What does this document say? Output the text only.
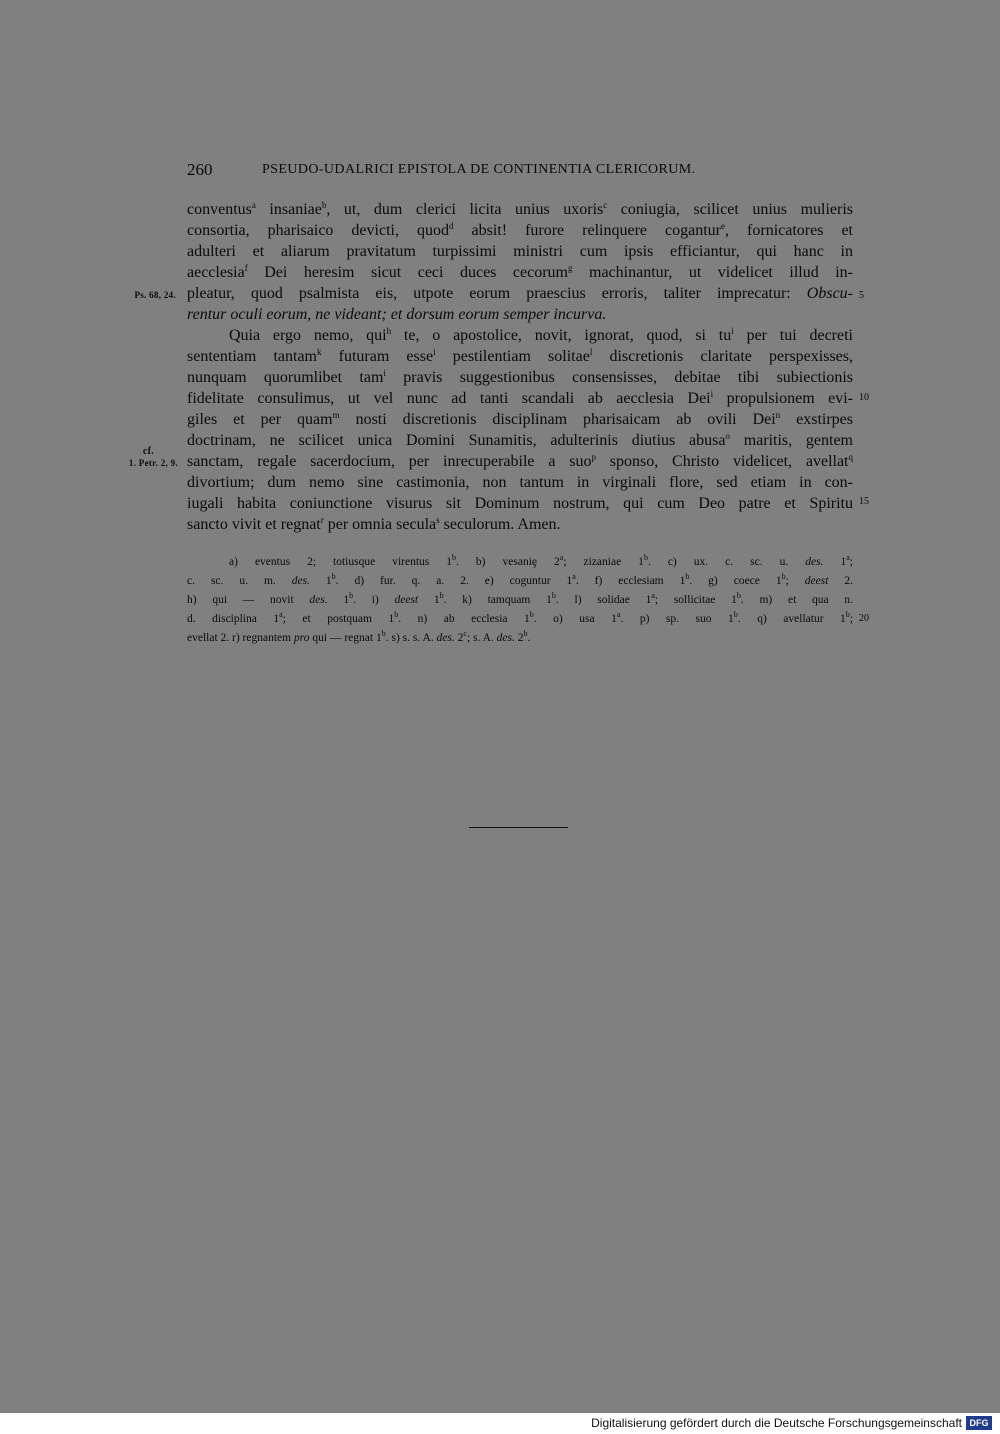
260	PSEUDO-UDALRICI EPISTOLA DE CONTINENTIA CLERICORUM.
Ps. 68, 24.
cf.
1. Petr. 2, 9.
5
10
15
20
conventus$^a$ insaniae$^b$, ut, dum clerici licita unius uxoris$^c$ coniugia, scilicet unius mulieris
consortia, pharisaico devicti, quod$^d$ absit! furore relinquere cogantur$^e$, fornicatores et
adulteri et aliarum pravitatum turpissimi ministri cum ipsis efficiantur, qui hanc in
aecclesia$^f$ Dei heresim sicut ceci duces cecorum$^g$ machinantur, ut videlicet illud in-
pleatur, quod psalmista eis, utpote eorum praescius erroris, taliter imprecatur: Obscu-
rentur oculi eorum, ne videant; et dorsum eorum semper incurva.
Quia ergo nemo, qui$^h$ te, o apostolice, novit, ignorat, quod, si $tu^i$ per tui decreti
sententiam tantam$^k$ futuram esse$^i$ pestilentiam solitae$^l$ discretionis claritate perspexisses,
nunquam quorumlibet tam$^i$ pravis suggestionibus consensisses, debitae tibi subiectionis
fidelitate consulimus, ut vel nunc ad tanti scandali ab aecclesia Dei$^i$ propulsionem evi-
giles et per quam$^m$ nosti discretionis disciplinam pharisaicam ab ovili Dei$^n$ exstirpes
doctrinam, ne scilicet unica Domini Sunamitis, adulterinis diutius abusa$^o$ maritis, gentem
sanctam, regale sacerdocium, per inrecuperabile a suo$^p$ sponso, Christo videlicet, avellat$^q$
divortium; dum nemo sine castimonia, non tantum in virginali flore, sed etiam in con-
iugali habita coniunctione visurus sit Dominum nostrum, qui cum Deo patre et Spiritu
sancto vivit et regnat$^r$ per omnia secula$^s$ seculorum. Amen.
a) eventus 2; totiusque virentus 1$^b$. b) vesaniȩ 2$^a$; zizaniae 1$^b$. c) ux. c. sc. u. des. 1$^a$;
c. sc. u. m. des. 1$^b$. d) fur. q. a. 2. e) coguntur 1$^a$. f) ecclesiam 1$^b$. g) coece 1$^b$; deest 2.
h) qui — novit des. 1$^b$. i) deest 1$^b$. k) tamquam 1$^b$. l) solidae 1$^a$; sollicitae 1$^b$. m) et qua n.
d. disciplina 1$^a$; et postquam 1$^b$. n) ab ecclesia 1$^b$. o) usa 1$^a$. p) sp. suo 1$^b$. q) avellatur 1$^b$;
evellat 2. r) regnantem pro qui — regnat 1$^b$. s) s. s. A. des. 2$^c$; s. A. des. 2$^b$.
Digitalisierung gefördert durch die Deutsche Forschungsgemeinschaft DFG
